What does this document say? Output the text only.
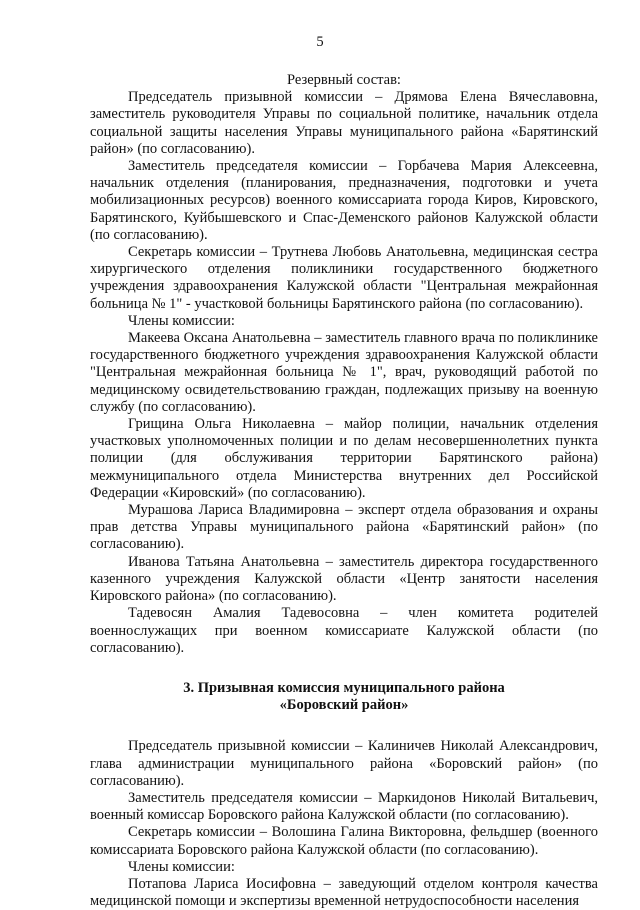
5

Резервный состав:

Председатель призывной комиссии – Дрямова Елена Вячеславовна, заместитель руководителя Управы по социальной политике, начальник отдела социальной защиты населения Управы муниципального района «Барятинский район» (по согласованию).

Заместитель председателя комиссии – Горбачева Мария Алексеевна, начальник отделения (планирования, предназначения, подготовки и учета мобилизационных ресурсов) военного комиссариата города Киров, Кировского, Барятинского, Куйбышевского и Спас-Деменского районов Калужской области (по согласованию).

Секретарь комиссии – Трутнева Любовь Анатольевна, медицинская сестра хирургического отделения поликлиники государственного бюджетного учреждения здравоохранения Калужской области "Центральная межрайонная больница № 1" - участковой больницы Барятинского района (по согласованию).

Члены комиссии:

Макеева Оксана Анатольевна – заместитель главного врача по поликлинике государственного бюджетного учреждения здравоохранения Калужской области "Центральная межрайонная больница № 1", врач, руководящий работой по медицинскому освидетельствованию граждан, подлежащих призыву на военную службу (по согласованию).

Грищина Ольга Николаевна – майор полиции, начальник отделения участковых уполномоченных полиции и по делам несовершеннолетних пункта полиции (для обслуживания территории Барятинского района) межмуниципального отдела Министерства внутренних дел Российской Федерации «Кировский» (по согласованию).

Мурашова Лариса Владимировна – эксперт отдела образования и охраны прав детства Управы муниципального района «Барятинский район» (по согласованию).

Иванова Татьяна Анатольевна – заместитель директора государственного казенного учреждения Калужской области «Центр занятости населения Кировского района» (по согласованию).

Тадевосян Амалия Тадевосовна – член комитета родителей военнослужащих при военном комиссариате Калужской области (по согласованию).

3. Призывная комиссия муниципального района

«Боровский район»

Председатель призывной комиссии – Калиничев Николай Александрович, глава администрации муниципального района «Боровский район» (по согласованию).

Заместитель председателя комиссии – Маркидонов Николай Витальевич, военный комиссар Боровского района Калужской области (по согласованию).

Секретарь комиссии – Волошина Галина Викторовна, фельдшер (военного комиссариата Боровского района Калужской области (по согласованию).

Члены комиссии:

Потапова Лариса Иосифовна – заведующий отделом контроля качества медицинской помощи и экспертизы временной нетрудоспособности населения
